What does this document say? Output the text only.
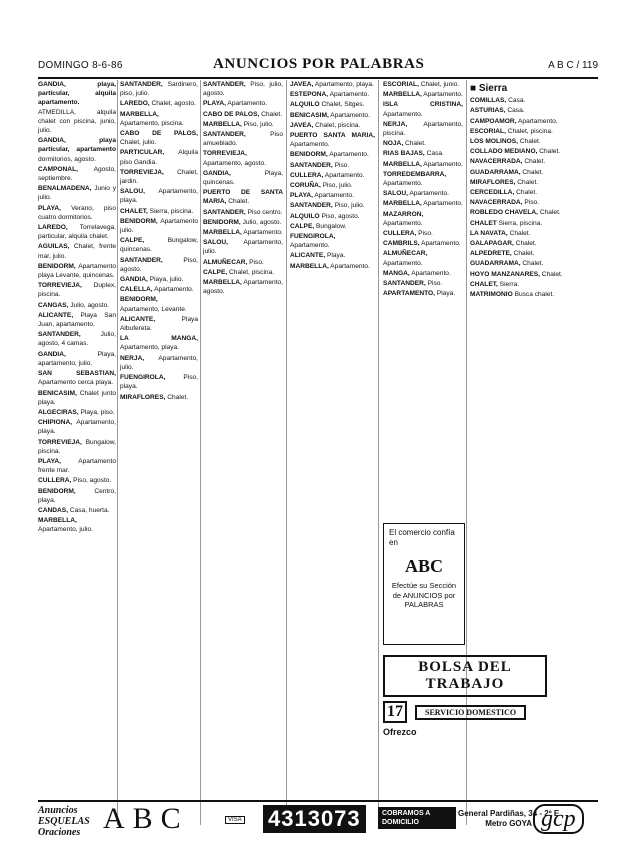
DOMINGO 8-6-86	ANUNCIOS POR PALABRAS	A B C / 119

GANDIA, playa, particular, alquila apartamento. ATMEDILLA, alquila chalet con piscina, junio, julio.

GANDIA, playa particular, apartamento dormitorios, agosto.

CAMPONAL, Agosto, septiembre.

BENALMADENA, Junio y julio.

PLAYA, Verano, piso cuatro dormitorios.

LAREDO, Torrelavega, particular, alquila chalet.

AGUILAS, Chalet, frente mar, julio.

BENIDORM, Apartamento playa Levante, quincenas.

TORREVIEJA, Duplex, piscina.

CANGAS, Julio, agosto.

ALICANTE, Playa San Juan, apartamento.

SANTANDER, Julio, agosto, 4 camas.

GANDIA, Playa, apartamento, julio.

SAN SEBASTIAN, Apartamento cerca playa.

BENICASIM, Chalet junto playa.

ALGECIRAS, Playa, piso.

CHIPIONA, Apartamento, playa.

TORREVIEJA, Bungalow, piscina.

PLAYA, Apartamento frente mar.

CULLERA, Piso, agosto.

BENIDORM, Centro, playa.

CANDAS, Casa, huerta.

MARBELLA, Apartamento, julio.

SANTANDER, Sardinero, piso, julio.

LAREDO, Chalet, agosto.

MARBELLA, Apartamento, piscina.

CABO DE PALOS, Chalet, julio.

PARTICULAR, Alquila piso Gandia.

TORREVIEJA, Chalet, jardin.

SALOU, Apartamento, playa.

CHALET, Sierra, piscina.

BENIDORM, Apartamento julio.

CALPE, Bungalow, quincenas.

SANTANDER, Piso, agosto.

GANDIA, Playa, julio.

CALELLA, Apartamento.

BENIDORM, Apartamento, Levante.

ALICANTE, Playa Albufereta.

LA MANGA, Apartamento, playa.

NERJA, Apartamento, julio.

FUENGIROLA, Piso, playa.

MIRAFLORES, Chalet.

SANTANDER, Piso, julio, agosto.

PLAYA, Apartamento.

CABO DE PALOS, Chalet.

MARBELLA, Piso, julio.

SANTANDER, Piso amueblado.

TORREVIEJA, Apartamento, agosto.

GANDIA, Playa, quincenas.

PUERTO DE SANTA MARIA, Chalet.

SANTANDER, Piso centro.

BENIDORM, Julio, agosto.

MARBELLA, Apartamento.

SALOU, Apartamento, julio.

ALMUÑECAR, Piso.

CALPE, Chalet, piscina.

MARBELLA, Apartamento, agosto.

JAVEA, Apartamento, playa.

ESTEPONA, Apartamento.

ALQUILO Chalet, Sitges.

BENICASIM, Apartamento.

JAVEA, Chalet, piscina.

PUERTO SANTA MARIA, Apartamento.

BENIDORM, Apartamento.

SANTANDER, Piso.

CULLERA, Apartamento.

CORUÑA, Piso, julio.

PLAYA, Apartamento.

SANTANDER, Piso, julio.

ALQUILO Piso, agosto.

CALPE, Bungalow.

FUENGIROLA, Apartamento.

ALICANTE, Playa.

MARBELLA, Apartamento.

ESCORIAL, Chalet, junio.

MARBELLA, Apartamento.

ISLA CRISTINA, Apartamento.

NERJA, Apartamento, piscina.

NOJA, Chalet.

RIAS BAJAS, Casa.

MARBELLA, Apartamento.

TORREDEMBARRA, Apartamento.

SALOU, Apartamento.

MARBELLA, Apartamento.

MAZARRON, Apartamento.

CULLERA, Piso.

CAMBRILS, Apartamento.

ALMUÑECAR, Apartamento.

MANGA, Apartamento.

SANTANDER, Piso.

APARTAMENTO, Playa.

■ Sierra

COMILLAS, Casa.

ASTURIAS, Casa.

CAMPOAMOR, Apartamento.

ESCORIAL, Chalet, piscina.

LOS MOLINOS, Chalet.

COLLADO MEDIANO, Chalet.

NAVACERRADA, Chalet.

GUADARRAMA, Chalet.

MIRAFLORES, Chalet.

CERCEDILLA, Chalet.

NAVACERRADA, Piso.

ROBLEDO CHAVELA, Chalet.

CHALET Sierra, piscina.

LA NAVATA, Chalet.

GALAPAGAR, Chalet.

ALPEDRETE, Chalet.

GUADARRAMA, Chalet.

HOYO MANZANARES, Chalet.

CHALET, Sierra.

MATRIMONIO Busca chalet.

El comercio confía en
ABC
Efectúe su Sección de ANUNCIOS por PALABRAS
BOLSA DEL TRABAJO
17	SERVICIO DOMESTICO
Ofrezco
Anuncios ESQUELAS Oraciones ABC	VISA 4313073	COBRAMOS A DOMICILIO
General Pardiñas, 34 - 2º E
Metro GOYA gcp
